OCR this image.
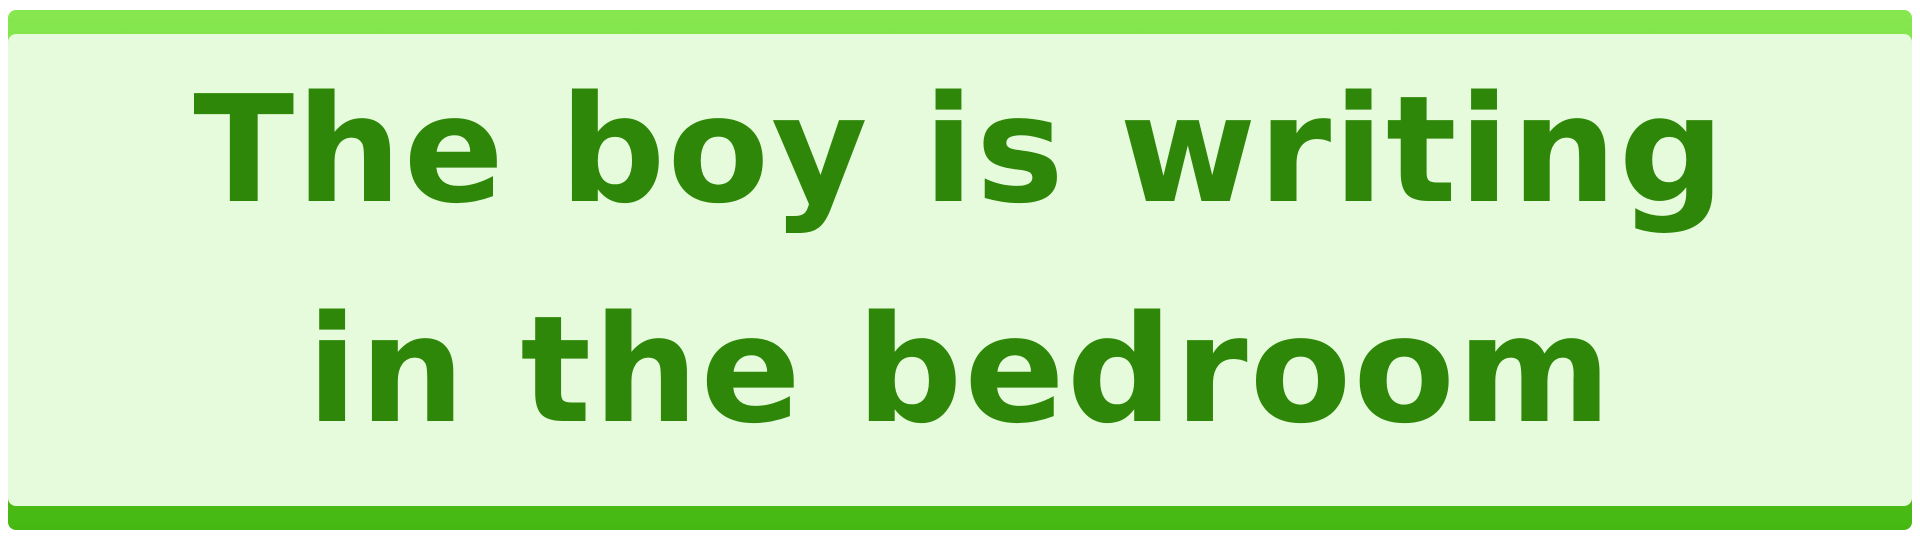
The boy is writing
in the bedroom
